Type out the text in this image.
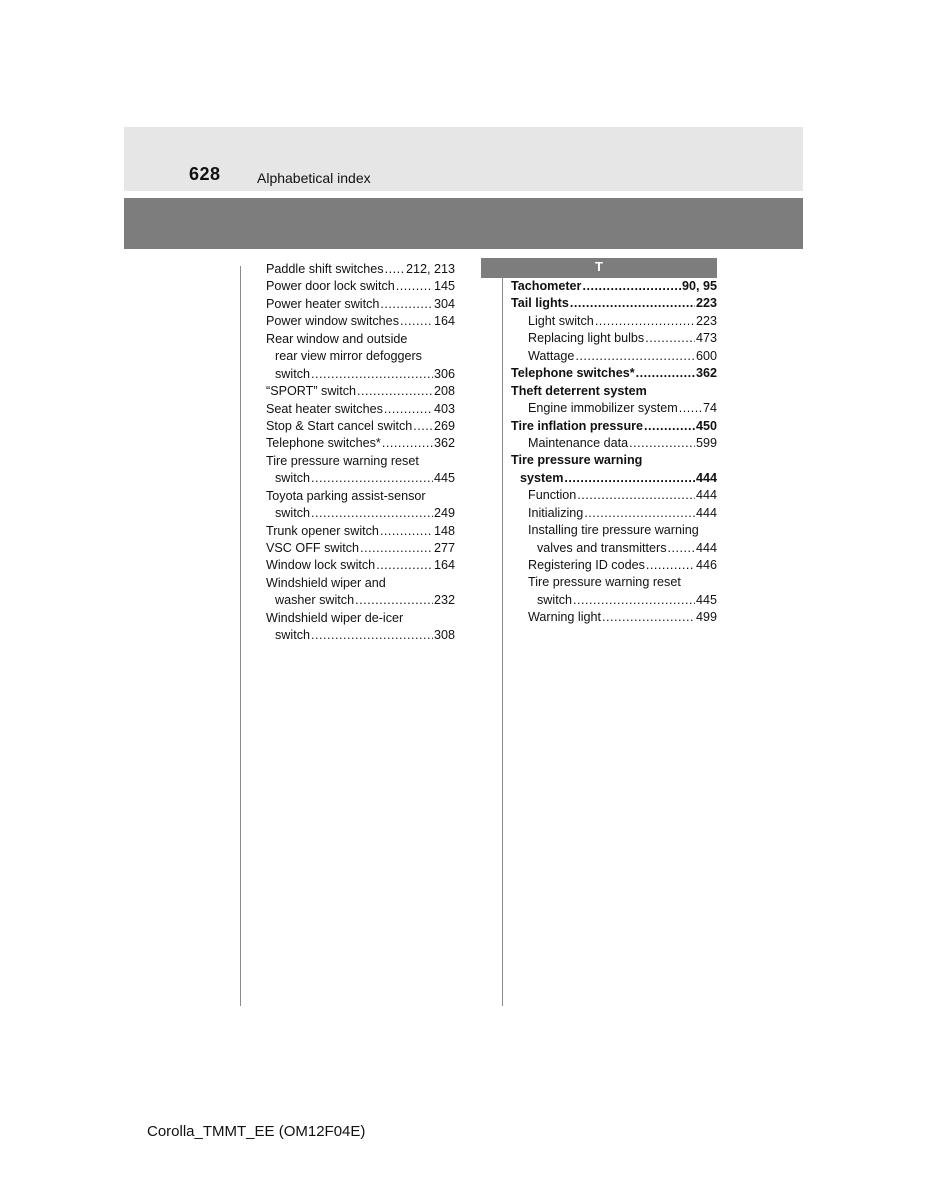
628	Alphabetical index
T
Paddle shift switches ..... 212, 213
Power door lock switch .....	145
Power heater switch .....	304
Power window switches .....	164
Rear window and outside
rear view mirror defoggers
switch .....	306
“SPORT” switch .....	208
Seat heater switches .....	403
Stop & Start cancel switch ..... 269
Telephone switches* .....	362
Tire pressure warning reset
switch .....	445
Toyota parking assist-sensor
switch .....	249
Trunk opener switch .....	148
VSC OFF switch .....	277
Window lock switch .....	164
Windshield wiper and
washer switch .....	232
Windshield wiper de-icer
switch .....	308
Tachometer .....	90, 95
Tail lights .....	223
Light switch .....	223
Replacing light bulbs .....	473
Wattage .....	600
Telephone switches* .....	362
Theft deterrent system
Engine immobilizer system ..... 74
Tire inflation pressure .....	450
Maintenance data .....	599
Tire pressure warning
system .....	444
Function .....	444
Initializing .....	444
Installing tire pressure warning
valves and transmitters ..... 444
Registering ID codes .....	446
Tire pressure warning reset
switch .....	445
Warning light .....	499
Corolla_TMMT_EE (OM12F04E)
